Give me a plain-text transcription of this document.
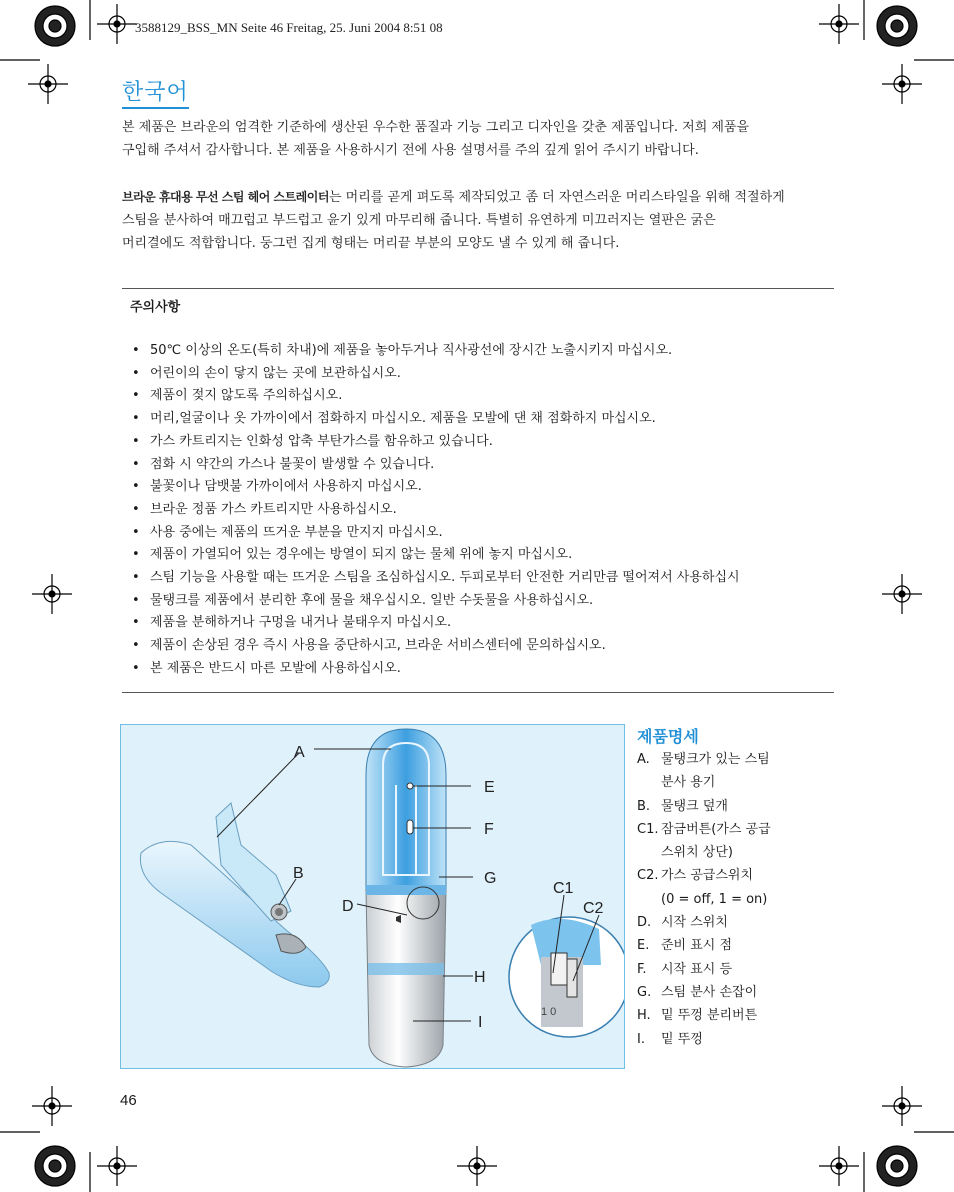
3588129_BSS_MN Seite 46 Freitag, 25. Juni 2004 8:51 08
한국어

본 제품은 브라운의 엄격한 기준하에 생산된 우수한 품질과 기능 그리고 디자인을 갖춘 제품입니다. 저희 제품을

구입해 주셔서 감사합니다. 본 제품을 사용하시기 전에 사용 설명서를 주의 깊게 읽어 주시기 바랍니다.

브라운 휴대용 무선 스팀 헤어 스트레이터는 머리를 곧게 펴도록 제작되었고 좀 더 자연스러운 머리스타일을 위해 적절하게

스팀을 분사하여 매끄럽고 부드럽고 윤기 있게 마무리해 줍니다. 특별히 유연하게 미끄러지는 열판은 굵은

머리결에도 적합합니다. 둥그런 집게 형태는 머리끝 부분의 모양도 낼 수 있게 해 줍니다.

주의사항
• 50℃ 이상의 온도(특히 차내)에 제품을 놓아두거나 직사광선에 장시간 노출시키지 마십시오.
• 어린이의 손이 닿지 않는 곳에 보관하십시오.
• 제품이 젖지 않도록 주의하십시오.
• 머리,얼굴이나 옷 가까이에서 점화하지 마십시오. 제품을 모발에 댄 채 점화하지 마십시오.
• 가스 카트리지는 인화성 압축 부탄가스를 함유하고 있습니다.
• 점화 시 약간의 가스나 불꽃이 발생할 수 있습니다.
• 불꽃이나 담뱃불 가까이에서 사용하지 마십시오.
• 브라운 정품 가스 카트리지만 사용하십시오.
• 사용 중에는 제품의 뜨거운 부분을 만지지 마십시오.
• 제품이 가열되어 있는 경우에는 방열이 되지 않는 물체 위에 놓지 마십시오.
• 스팀 기능을 사용할 때는 뜨거운 스팀을 조심하십시오. 두피로부터 안전한 거리만큼 떨어져서 사용하십시
• 물탱크를 제품에서 분리한 후에 물을 채우십시오. 일반 수돗물을 사용하십시오.
• 제품을 분해하거나 구멍을 내거나 불태우지 마십시오.
• 제품이 손상된 경우 즉시 사용을 중단하시고, 브라운 서비스센터에 문의하십시오.
• 본 제품은 반드시 마른 모발에 사용하십시오.
1 0
A
B
C1
C2
D
E
F
G
H
I
제품명세
A. 물탱크가 있는 스팀
분사 용기
B. 물탱크 덮개
C1. 잠금버튼(가스 공급
스위치 상단)
C2. 가스 공급스위치
(0 = off, 1 = on)
D. 시작 스위치
E. 준비 표시 점
F. 시작 표시 등
G. 스팀 분사 손잡이
H. 밑 뚜껑 분리버튼
I. 밑 뚜껑
46
